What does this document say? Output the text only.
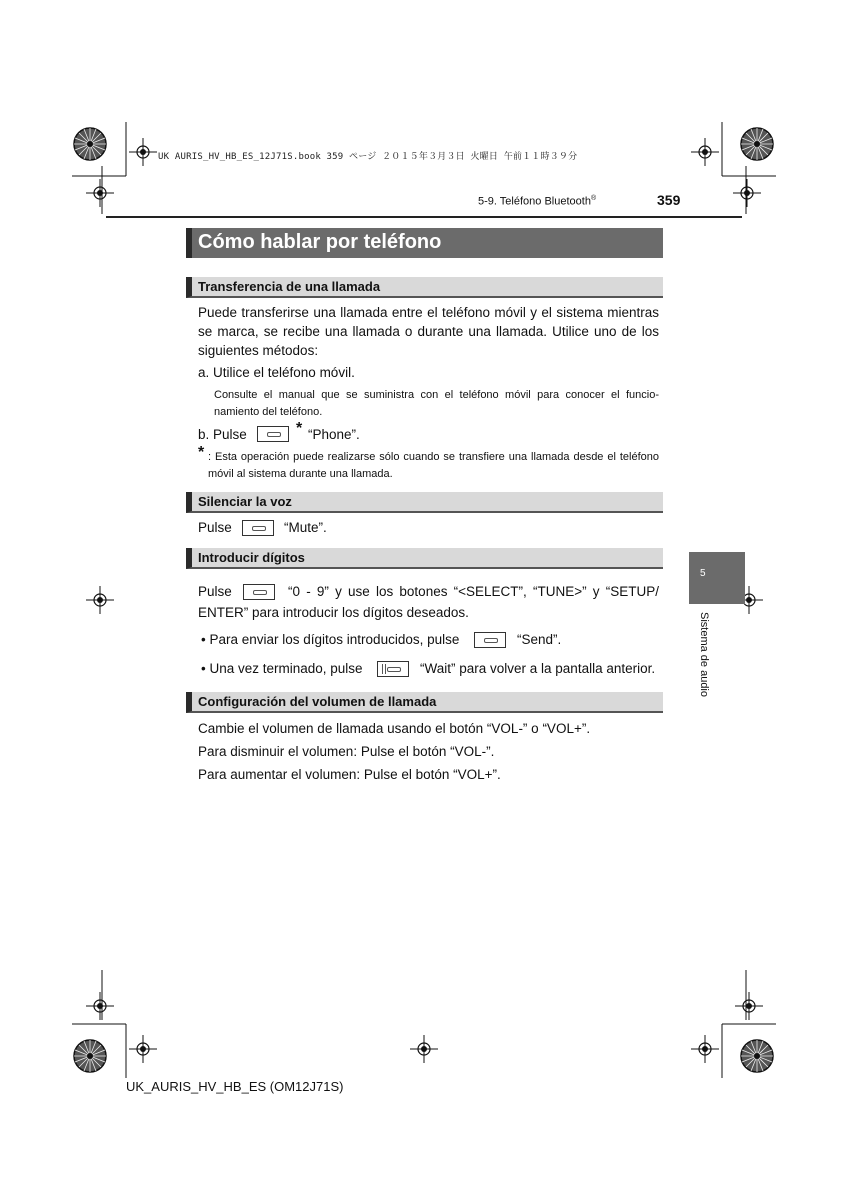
UK AURIS_HV_HB_ES_12J71S.book 359 ページ ２０１５年３月３日 火曜日 午前１１時３９分
5-9. Teléfono Bluetooth®	359
Cómo hablar por teléfono
Transferencia de una llamada
Puede transferirse una llamada entre el teléfono móvil y el sistema mientras se marca, se recibe una llamada o durante una llamada. Utilice uno de los siguientes métodos:
a. Utilice el teléfono móvil.
Consulte el manual que se suministra con el teléfono móvil para conocer el funcio-namiento del teléfono.
b. Pulse	* “Phone”.
* : Esta operación puede realizarse sólo cuando se transfiere una llamada desde el teléfono móvil al sistema durante una llamada.
Silenciar la voz
Pulse	“Mute”.
Introducir dígitos
Pulse	“0 - 9” y use los botones “<SELECT”, “TUNE>” y “SETUP/
ENTER” para introducir los dígitos deseados.
• Para enviar los dígitos introducidos, pulse	“Send”.
• Una vez terminado, pulse	“Wait” para volver a la pantalla anterior.
Configuración del volumen de llamada
Cambie el volumen de llamada usando el botón “VOL-” o “VOL+”.
Para disminuir el volumen: Pulse el botón “VOL-”.
Para aumentar el volumen: Pulse el botón “VOL+”.
5
Sistema de audio
UK_AURIS_HV_HB_ES (OM12J71S)
